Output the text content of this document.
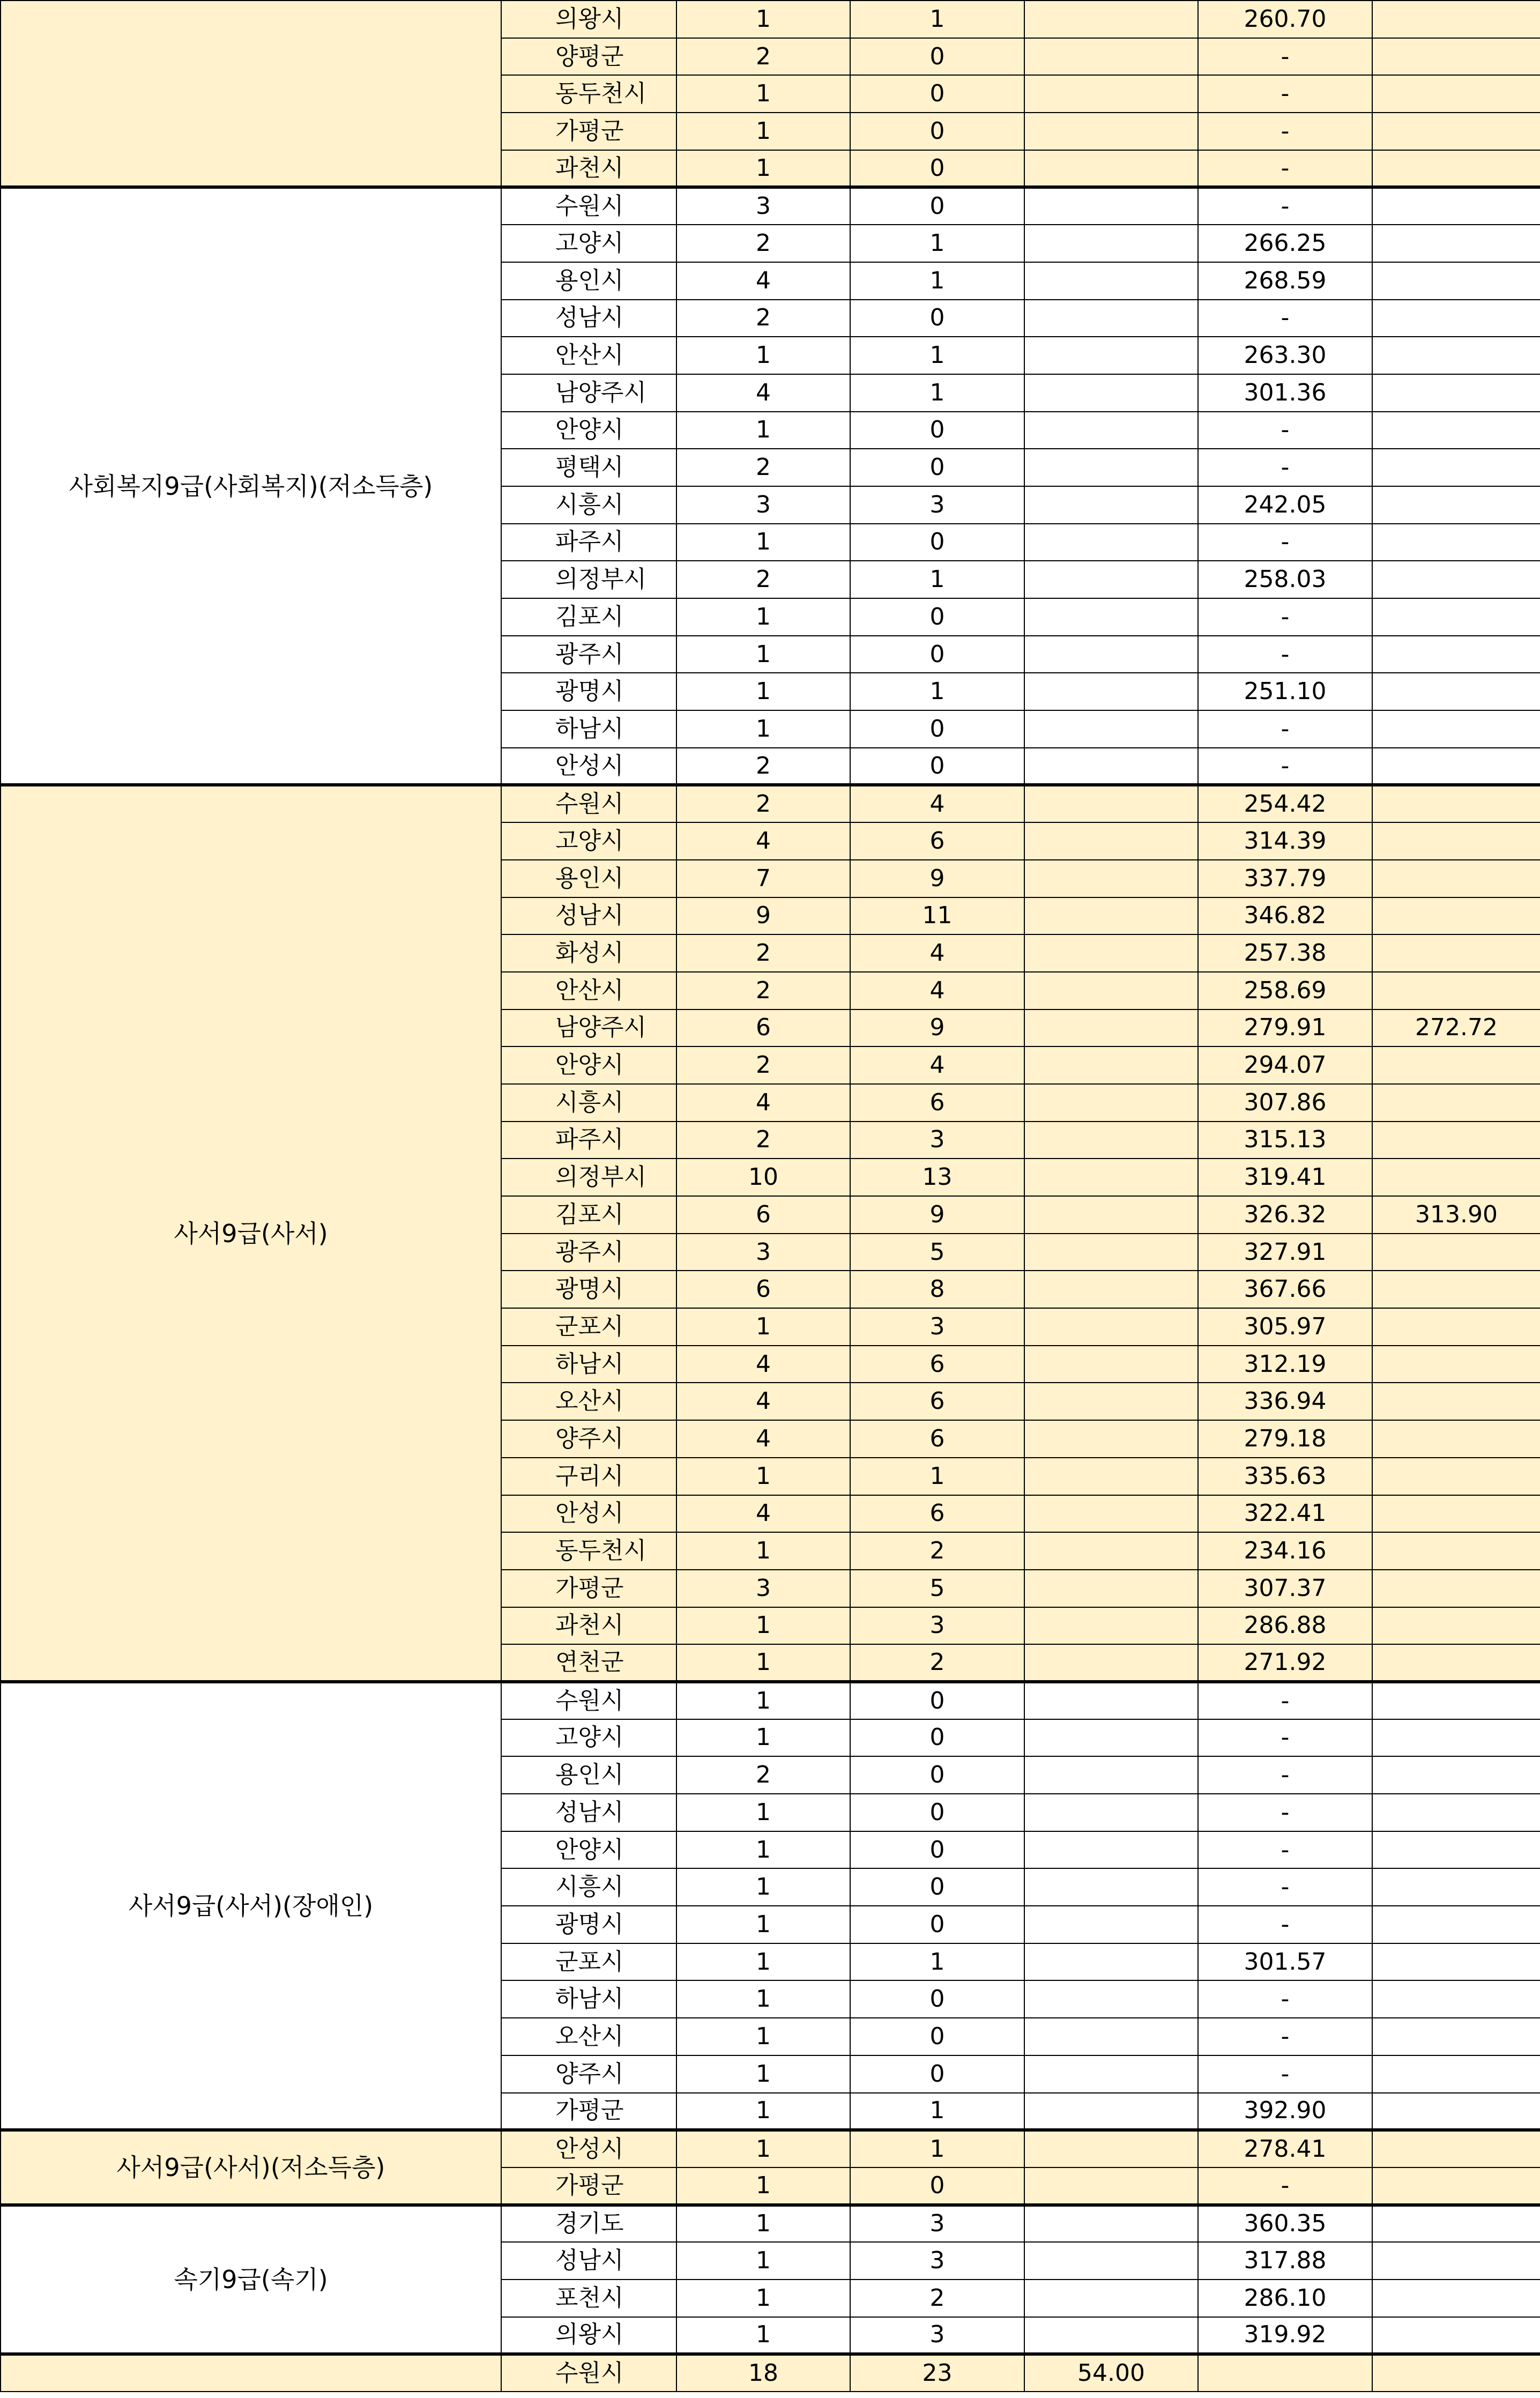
	의왕시	1	1		260.70	
	양평군	2	0		-	
	동두천시	1	0		-	
	가평군	1	0		-	
	과천시	1	0		-	
사회복지9급(사회복지)(저소득층)	수원시	3	0		-	
	고양시	2	1		266.25	
	용인시	4	1		268.59	
	성남시	2	0		-	
	안산시	1	1		263.30	
	남양주시	4	1		301.36	
	안양시	1	0		-	
	평택시	2	0		-	
	시흥시	3	3		242.05	
	파주시	1	0		-	
	의정부시	2	1		258.03	
	김포시	1	0		-	
	광주시	1	0		-	
	광명시	1	1		251.10	
	하남시	1	0		-	
	안성시	2	0		-	
사서9급(사서)	수원시	2	4		254.42	
	고양시	4	6		314.39	
	용인시	7	9		337.79	
	성남시	9	11		346.82	
	화성시	2	4		257.38	
	안산시	2	4		258.69	
	남양주시	6	9		279.91	272.72
	안양시	2	4		294.07	
	시흥시	4	6		307.86	
	파주시	2	3		315.13	
	의정부시	10	13		319.41	
	김포시	6	9		326.32	313.90
	광주시	3	5		327.91	
	광명시	6	8		367.66	
	군포시	1	3		305.97	
	하남시	4	6		312.19	
	오산시	4	6		336.94	
	양주시	4	6		279.18	
	구리시	1	1		335.63	
	안성시	4	6		322.41	
	동두천시	1	2		234.16	
	가평군	3	5		307.37	
	과천시	1	3		286.88	
	연천군	1	2		271.92	
사서9급(사서)(장애인)	수원시	1	0		-	
	고양시	1	0		-	
	용인시	2	0		-	
	성남시	1	0		-	
	안양시	1	0		-	
	시흥시	1	0		-	
	광명시	1	0		-	
	군포시	1	1		301.57	
	하남시	1	0		-	
	오산시	1	0		-	
	양주시	1	0		-	
	가평군	1	1		392.90	
사서9급(사서)(저소득층)	안성시	1	1		278.41	
	가평군	1	0		-	
속기9급(속기)	경기도	1	3		360.35	
	성남시	1	3		317.88	
	포천시	1	2		286.10	
	의왕시	1	3		319.92	
	수원시	18	23	54.00		
